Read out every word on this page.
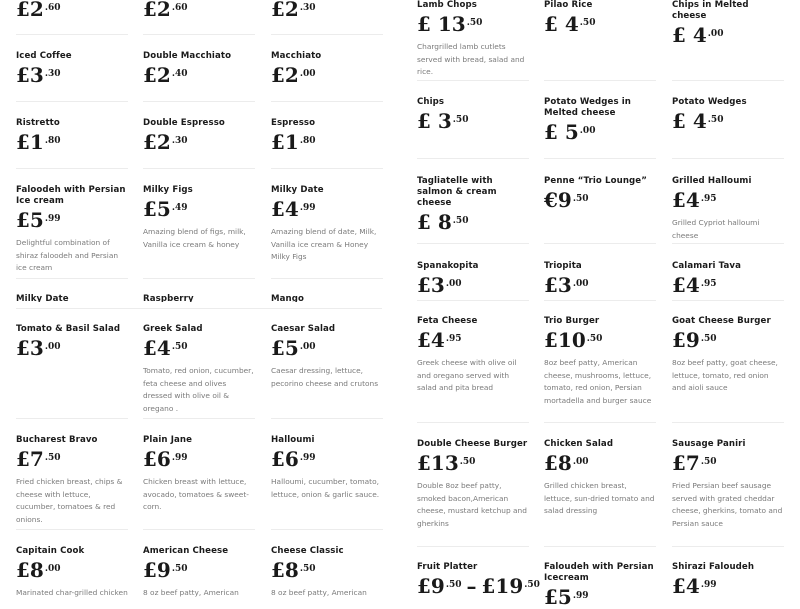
$£2^{.60}$	$£2^{.60}$	$£2^{.30}$
Iced Coffee
$£3^{.30}$
Double Macchiato
$£2^{.40}$
Macchiato
$£2^{.00}$
Ristretto
$£1^{.80}$
Double Espresso
$£2^{.30}$
Espresso
$£1^{.80}$
Faloodeh with Persian Ice cream
$£5^{.99}$
Delightful combination of shiraz faloodeh and Persian ice cream
Milky Figs
$£5^{.49}$
Amazing blend of figs, milk, Vanilla ice cream & honey
Milky Date
$£4^{.99}$
Amazing blend of date, Milk, Vanilla ice cream & Honey Milky Figs
Milky Date	Raspberry	Mango
Tomato & Basil Salad
$£3^{.00}$
Greek Salad
$£4^{.50}$
Tomato, red onion, cucumber, feta cheese and olives dressed with olive oil & oregano .
Caesar Salad
$£5^{.00}$
Caesar dressing, lettuce, pecorino cheese and crutons
Bucharest Bravo
$£7^{.50}$
Fried chicken breast, chips & cheese with lettuce, cucumber, tomatoes & red onions.
Plain Jane
$£6^{.99}$
Chicken breast with lettuce, avocado, tomatoes & sweet-corn.
Halloumi
$£6^{.99}$
Halloumi, cucumber, tomato, lettuce, onion & garlic sauce.
Capitain Cook
$£8^{.00}$
Marinated char-grilled chicken
American Cheese
$£9^{.50}$
8 oz beef patty, American
Cheese Classic
$£8^{.50}$
8 oz beef patty, American
Lamb Chops
£ $13^{.50}$
Chargrilled lamb cutlets served with bread, salad and rice.
Pilao Rice
£ $4^{.50}$
Chips in Melted cheese
£ $4^{.00}$
Chips
£ $3^{.50}$
Potato Wedges in Melted cheese
£ $5^{.00}$
Potato Wedges
£ $4^{.50}$
Tagliatelle with salmon & cream cheese
£ $8^{.50}$
Penne “Trio Lounge”
$€9^{.50}$
Grilled Halloumi
$£4^{.95}$
Grilled Cypriot halloumi cheese
Spanakopita
$£3^{.00}$
Triopita
$£3^{.00}$
Calamari Tava
$£4^{.95}$
Feta Cheese
$£4^{.95}$
Greek cheese with olive oil and oregano served with salad and pita bread
Trio Burger
$£10^{.50}$
8oz beef patty, American cheese, mushrooms, lettuce, tomato, red onion, Persian mortadella and burger sauce
Goat Cheese Burger
$£9^{.50}$
8oz beef patty, goat cheese, lettuce, tomato, red onion and aioli sauce
Double Cheese Burger
$£13^{.50}$
Double 8oz beef patty, smoked bacon,American cheese, mustard ketchup and gherkins
Chicken Salad
$£8^{.00}$
Grilled chicken breast, lettuce, sun-dried tomato and salad dressing
Sausage Paniri
$£7^{.50}$
Fried Persian beef sausage served with grated cheddar cheese, gherkins, tomato and Persian sauce
Fruit Platter
$£9^{.50}$ – $£19^{.50}$
Faloudeh with Persian Icecream
$£5^{.99}$
Shirazi Faloudeh
$£4^{.99}$
